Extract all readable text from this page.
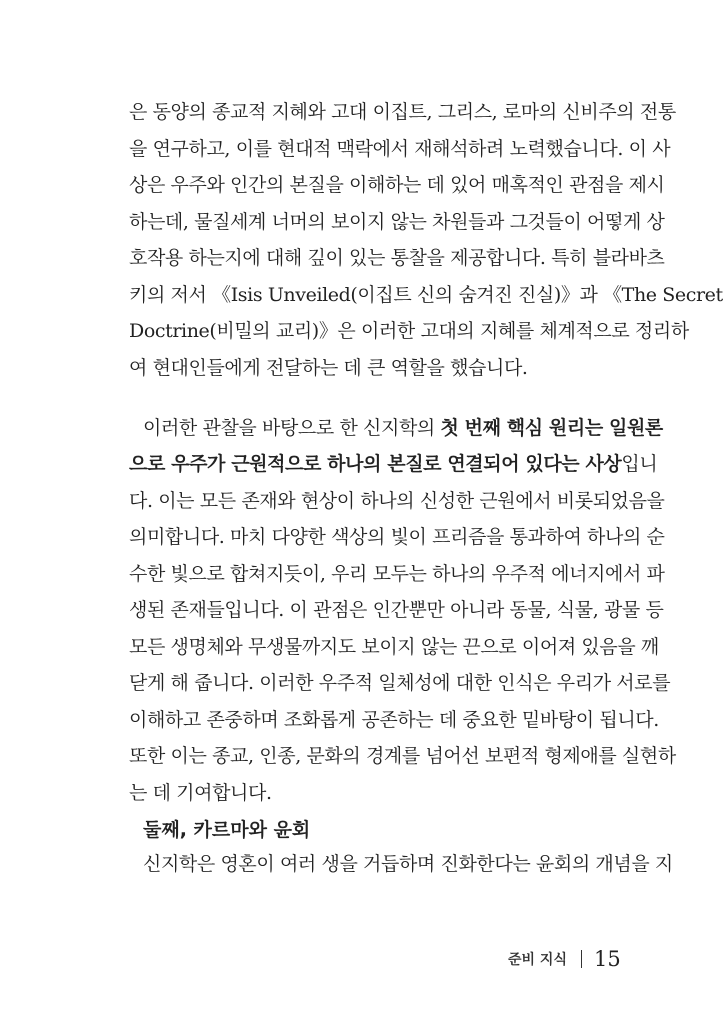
은 동양의 종교적 지혜와 고대 이집트, 그리스, 로마의 신비주의 전통
을 연구하고, 이를 현대적 맥락에서 재해석하려 노력했습니다. 이 사
상은 우주와 인간의 본질을 이해하는 데 있어 매혹적인 관점을 제시
하는데, 물질세계 너머의 보이지 않는 차원들과 그것들이 어떻게 상
호작용 하는지에 대해 깊이 있는 통찰을 제공합니다. 특히 블라바츠
키의 저서 《Isis Unveiled(이집트 신의 숨겨진 진실)》과 《The Secret
Doctrine(비밀의 교리)》은 이러한 고대의 지혜를 체계적으로 정리하
여 현대인들에게 전달하는 데 큰 역할을 했습니다.
이러한 관찰을 바탕으로 한 신지학의 첫 번째 핵심 원리는 일원론
으로 우주가 근원적으로 하나의 본질로 연결되어 있다는 사상입니
다. 이는 모든 존재와 현상이 하나의 신성한 근원에서 비롯되었음을
의미합니다. 마치 다양한 색상의 빛이 프리즘을 통과하여 하나의 순
수한 빛으로 합쳐지듯이, 우리 모두는 하나의 우주적 에너지에서 파
생된 존재들입니다. 이 관점은 인간뿐만 아니라 동물, 식물, 광물 등
모든 생명체와 무생물까지도 보이지 않는 끈으로 이어져 있음을 깨
닫게 해 줍니다. 이러한 우주적 일체성에 대한 인식은 우리가 서로를
이해하고 존중하며 조화롭게 공존하는 데 중요한 밑바탕이 됩니다.
또한 이는 종교, 인종, 문화의 경계를 넘어선 보편적 형제애를 실현하
는 데 기여합니다.
둘째, 카르마와 윤회
신지학은 영혼이 여러 생을 거듭하며 진화한다는 윤회의 개념을 지
준비 지식 15
